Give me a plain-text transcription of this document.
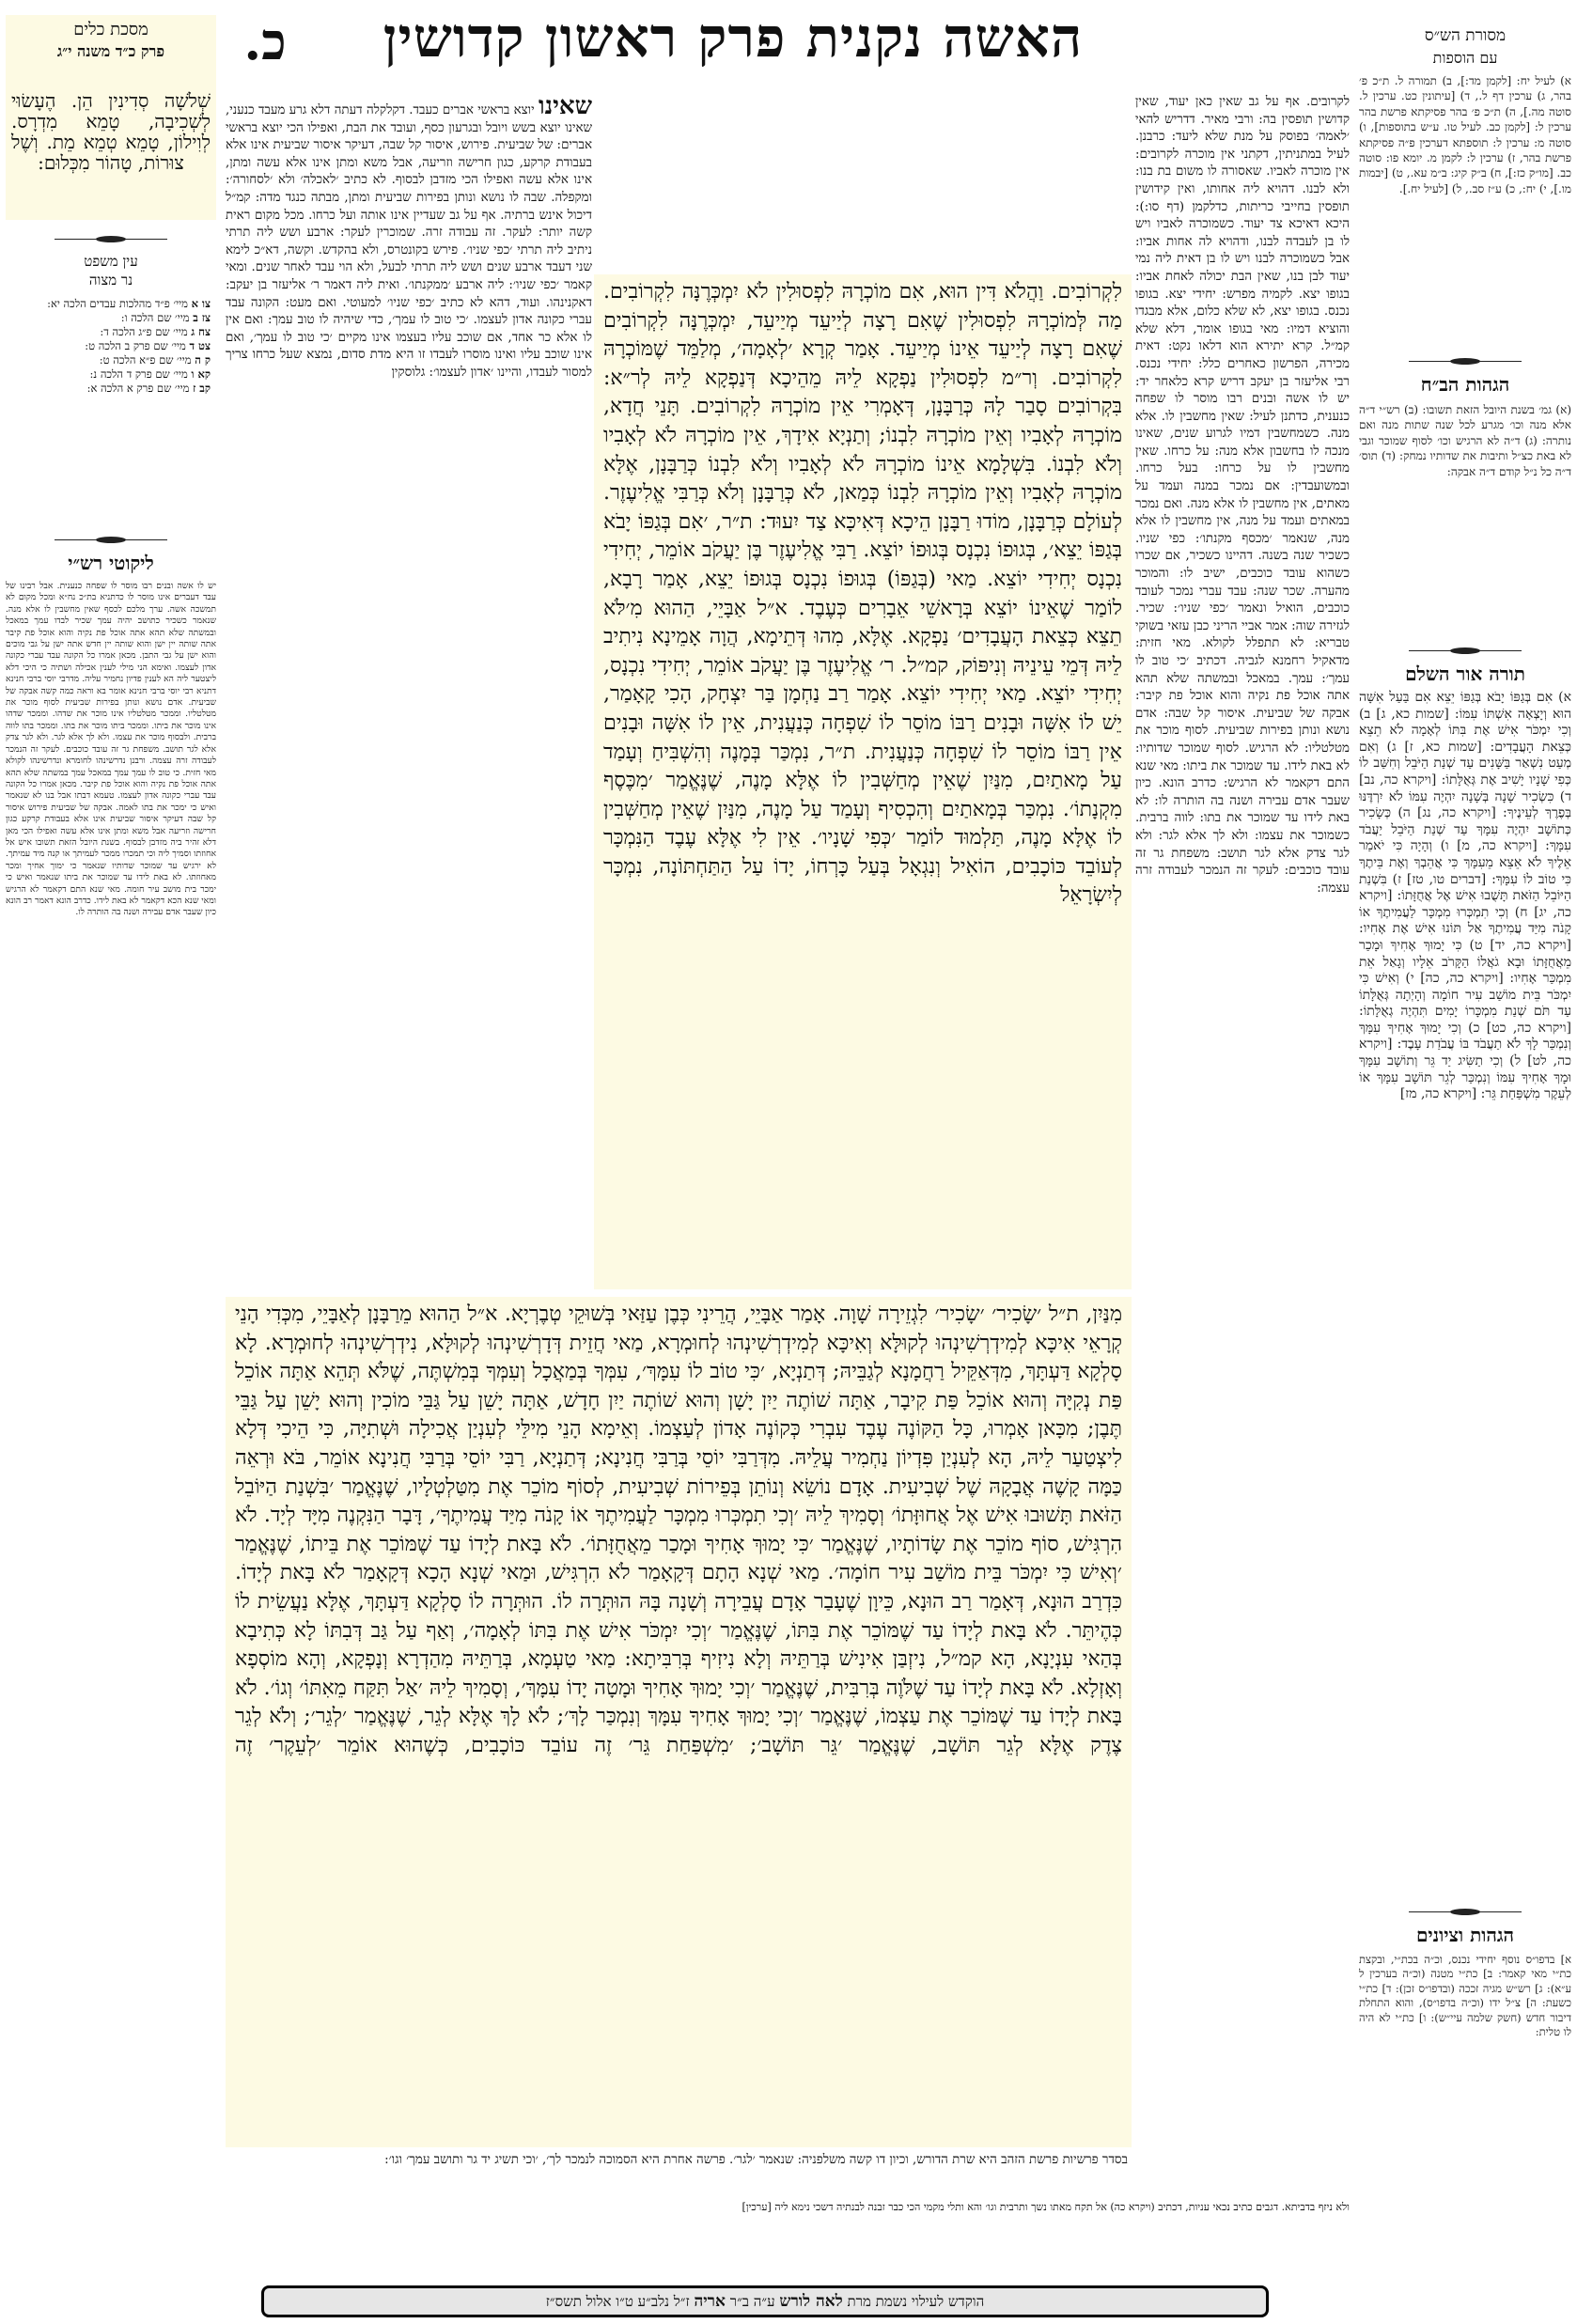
כ.	האשה נקנית פרק ראשון קדושין
מסכת כלים
פרק כ״ד משנה י״ג
שְׁלֹשָׁה סְדִינִין הֵן. הֶעָשׂוּי לְשְׁכִיבָה, טָמֵא מִדְרָס. לְוִילוֹן, טָמֵא טְמֵא מֵת. וְשֶׁל צוּרוֹת, טָהוֹר מִכְּלוּם:
עין משפט
נר מצוה
צו א מיי׳ פ״ד מהלכות עבדים הלכה יא:
צז ב מיי׳ שם הלכה ו:
צח ג מיי׳ שם פ״ג הלכה ד:
צט ד מיי׳ שם פרק ב הלכה ט:
ק ה מיי׳ שם פ״א הלכה ט:
קא ו מיי׳ שם פרק ד הלכה נ:
קב ז מיי׳ שם פרק א הלכה א:
ליקוטי רש״י
יש לו אשה ובנים רבו מוסר לו שפחה כנענית. אבל רבינו של עבד דעברים אינו מוסר לו כדתניא בת״כ נח״א ומכל מקום לא תמשכה אשה. ערך מלכם לכסף שאין מחשבין לו אלא מנה. שנאמר כשכיר כתושב יהיה עמך שכיר לבדו עמך במאכל ובמשתה שלא תהא אתה אוכל פת נקיה והוא אוכל פת קיבר אתה שותה יין ישן והוא שותה יין חדש אתה ישן על גבי מוכים והוא ישן על גבי התבן. מכאן אמרו כל הקונה עבד עברי כקונה אדון לעצמו. ואימא הני מילי לענין אכילה ושתיה כי היכי דלא ליצטער ליה הא לענין פדיון נחמיר עליה. מדרבי יוסי ברבי חנינא דתניא רבי יוסי ברבי חנינא אומר בא וראה כמה קשה אבקה של שביעית. אדם נושא ונותן בפירות שביעית לסוף מוכר את מטלטליו. וממכר מטלטליו אינו מוכר את שדהו. וממכר שדהו אינו מוכר את ביתו. וממכר ביתו מוכר את בתו. וממכר בתו לווה ברבית. ולבסוף מוכר את עצמו. ולא לך אלא לגר. ולא לגר צדק אלא לגר תושב. משפחת גר זה עובד כוכבים. לעקר זה הנמכר לעבודה זרה עצמה. ורבנן נדרשינהו לחומרא ונדרשינהו לקולא מאי חזית. כי טוב לו עמך עמך במאכל עמך במשתה שלא תהא אתה אוכל פת נקיה והוא אוכל פת קיבר. מכאן אמרו כל הקונה עבד עברי כקונה אדון לעצמו. טעמא דבתו אבל בנו לא שנאמר ואיש כי ימכר את בתו לאמה. אבקה של שביעית פירוש איסור קל שבה דעיקר איסור שביעית אינו אלא בעבודת קרקע כגון חרישה וזריעה אבל משא ומתן אינו אלא עשה ואפילו הכי מאן דלא זהיר ביה מזדבן לבסוף. בשנת היובל הזאת תשובו איש אל אחוזתו וסמיך ליה וכי תמכרו ממכר לעמיתך או קנה מיד עמיתך. לא ירגיש עד שמוכר שדותיו שנאמר כי ימוך אחיך ומכר מאחוזתו. לא באת לידו עד שמוכר את ביתו שנאמר ואיש כי ימכר בית מושב עיר חומה. מאי שנא התם דקאמר לא הרגיש ומאי שנא הכא דקאמר לא באת לידו. כדרב הונא דאמר רב הונא כיון שעבר אדם עבירה ושנה בה הותרה לו.
מסורת הש״ס
עם הוספות
א) לעיל יח: [לקמן מד:], ב) תמורה ל. ת״כ פ׳ בהר, ג) ערכין דף ל., ד) [עיתונין כט. ערכין ל. סוטה מה.], ה) ת״כ פ׳ בהר פסיקתא פרשת בהר ערכין ל: [לקמן כב. לעיל טו. ע״ש בתוספות], ו) סוטה מ: ערכין ל: תוספתא דערכין פ״ה פסיקתא פרשת בהר, ז) ערכין ל: לקמן מ. יומא פו: סוטה כב. [מו״ק כז:], ח) ב״ק קיג: ב״מ עא., ט) [יבמות מו.], י) יח:, כ) ע״ז סב., ל) [לעיל יח.].
הגהות הב״ח
(א) גמ׳ בשנת היובל הזאת תשובו: (ב) רש״י ד״ה אלא מנה וכו׳ מגרע לכל שנה שתות מנה ואם נותרה: (ג) ד״ה לא הרגיש וכו׳ לסוף שמוכר וגבי לא באת כצ״ל ותיבות את שדותיו נמחק: (ד) תוס׳ ד״ה כל נ״ל קודם ד״ה אבקה:
תורה אור השלם
א) אִם בְּגַפּוֹ יָבֹא בְּגַפּוֹ יֵצֵא אִם בַּעַל אִשָּׁה הוּא וְיָצְאָה אִשְׁתּוֹ עִמּוֹ: [שמות כא, ג] ב) וְכִי יִמְכֹּר אִישׁ אֶת בִּתּוֹ לְאָמָה לֹא תֵצֵא כְּצֵאת הָעֲבָדִים: [שמות כא, ז] ג) וְאִם מְעַט נִשְׁאַר בַּשָּׁנִים עַד שְׁנַת הַיֹּבֵל וְחִשַּׁב לוֹ כְּפִי שָׁנָיו יָשִׁיב אֶת גְּאֻלָּתוֹ: [ויקרא כה, נב] ד) כִּשְׂכִיר שָׁנָה בְּשָׁנָה יִהְיֶה עִמּוֹ לֹא יִרְדֶּנּוּ בְּפֶרֶךְ לְעֵינֶיךָ: [ויקרא כה, נג] ה) כְּשָׂכִיר כְּתוֹשָׁב יִהְיֶה עִמָּךְ עַד שְׁנַת הַיֹּבֵל יַעֲבֹד עִמָּךְ: [ויקרא כה, מ] ו) וְהָיָה כִּי יֹאמַר אֵלֶיךָ לֹא אֵצֵא מֵעִמָּךְ כִּי אֲהֵבְךָ וְאֶת בֵּיתֶךָ כִּי טוֹב לוֹ עִמָּךְ: [דברים טו, טז] ז) בִּשְׁנַת הַיּוֹבֵל הַזֹּאת תָּשֻׁבוּ אִישׁ אֶל אֲחֻזָּתוֹ: [ויקרא כה, יג] ח) וְכִי תִמְכְּרוּ מִמְכָּר לַעֲמִיתֶךָ אוֹ קָנֹה מִיַּד עֲמִיתֶךָ אַל תּוֹנוּ אִישׁ אֶת אָחִיו: [ויקרא כה, יד] ט) כִּי יָמוּךְ אָחִיךָ וּמָכַר מֵאֲחֻזָּתוֹ וּבָא גֹאֲלוֹ הַקָּרֹב אֵלָיו וְגָאַל אֵת מִמְכַּר אָחִיו: [ויקרא כה, כה] י) וְאִישׁ כִּי יִמְכֹּר בֵּית מוֹשַׁב עִיר חוֹמָה וְהָיְתָה גְּאֻלָּתוֹ עַד תֹּם שְׁנַת מִמְכָּרוֹ יָמִים תִּהְיֶה גְאֻלָּתוֹ: [ויקרא כה, כט] כ) וְכִי יָמוּךְ אָחִיךָ עִמָּךְ וְנִמְכַּר לָךְ לֹא תַעֲבֹד בּוֹ עֲבֹדַת עָבֶד: [ויקרא כה, לט] ל) וְכִי תַשִּׂיג יַד גֵּר וְתוֹשָׁב עִמָּךְ וּמָךְ אָחִיךָ עִמּוֹ וְנִמְכַּר לְגֵר תּוֹשָׁב עִמָּךְ אוֹ לְעֵקֶר מִשְׁפַּחַת גֵּר: [ויקרא כה, מז]
הגהות וציונים
א] בדפו״ס נוסף יחידי נכנס, וכ״ה בכת״י, ובקצת כת״י מאי קאמר: ב] כת״י מטנה (וכ״ה בערכין ל ע״א): ג] רש״ש מגיה זככה (ובדפו״ס זכן): ד] כת״י כשעת: ה] צ״ל ידו (וכ״ה בדפו״ס), והוא התחלת דיבור חדש (חשק שלמה עיי״ש): ו] כת״י לא היה לו טלית:
לקרובים. אף על גב שאין כאן יעוד, שאין קדושין תופסין בה: ורבי מאיר. דדריש להאי ׳לאמה׳ בפוסק על מנת שלא ליעד: כרבנן. לעיל במתניתין, דקתני אין מוכרה לקרובים: אין מוכרה לאביו. שאסורה לו משום בת בנו: ולא לבנו. דהויא ליה אחותו, ואין קידושין תופסין בחייבי כריתות, כדלקמן (דף סו:): היכא דאיכא צד יעוד. כשמוכרה לאביו ויש לו בן לעבדה לבנו, ודהויא לה אחות אביו: אבל כשמוכרה לבנו ויש לו בן דאית ליה נמי יעוד לבן בנו, שאין הבת יכולה לאחת אביו: בגופו יצא. לקמיה מפרש: יחידי יצא. בגופו נכנס. בגופו יצא, לא שלא כלום, אלא מבגדו והוציא דמיו: מאי בגופו אומר, דלא שלא קמ״ל. קרא יתירא הוא דלאו נקט: דאית מכירה, הפרשון כאחרים כלל: יחידי נכנס. רבי אליעזר בן יעקב דריש קרא כלאחר יד: יש לו אשה ובנים רבו מוסר לו שפחה כנענית, כדתנן לעיל: שאין מחשבין לו. אלא מנה. כשמחשבין דמיו לגרוע שנים, שאינו מנכה לו בחשבון אלא מנה: על כרחו. שאין מחשבין לו על כרחו: בעל כרחו. ובמשועבדין: אם נמכר במנה ועמד על מאתים, אין מחשבין לו אלא מנה. ואם נמכר במאתים ועמד על מנה, אין מחשבין לו אלא מנה, שנאמר ׳מכסף מקנתו׳: כפי שניו. כשכיר שנה בשנה. דהיינו כשכיר, אם שכרו כשהוא עובד כוכבים, ישיב לו: והמוכר מהערה. שכר שנה: עבד עברי נמכר לעובד כוכבים, הואיל ונאמר ׳כפי שניו׳: שכיר. לגזירה שוה: אמר אביי הריני כבן עזאי בשוקי טבריא: לא תתפלל לקולא. מאי חזית: מדאקיל רחמנא לגביה. דכתיב ׳כי טוב לו עמך׳: עמך. במאכל ובמשתה שלא תהא אתה אוכל פת נקיה והוא אוכל פת קיבר: אבקה של שביעית. איסור קל שבה: אדם נושא ונותן בפירות שביעית. לסוף מוכר את מטלטליו: לא הרגיש. לסוף שמוכר שדותיו: לא באת לידו. עד שמוכר את ביתו: מאי שנא התם דקאמר לא הרגיש: כדרב הונא. כיון שעבר אדם עבירה ושנה בה הותרה לו: לא באת לידו עד שמוכר את בתו: לווה ברבית. כשמוכר את עצמו: ולא לך אלא לגר: ולא לגר צדק אלא לגר תושב: משפחת גר זה עובד כוכבים: לעקר זה הנמכר לעבודה זרה עצמה:
שאינו יוצא בראשי אברים כעבד. דקלקלה דעתה דלא גרע מעבד כנעני, שאינו יוצא בשש ויובל ובגרעון כסף, ועובד את הבת, ואפילו הכי יוצא בראשי אברים: של שביעית. פירוש, איסור קל שבה, דעיקר איסור שביעית אינו אלא בעבודת קרקע, כגון חרישה וזריעה, אבל משא ומתן אינו אלא עשה ומתן, אינו אלא עשה ואפילו הכי מזדבן לבסוף. לא כתיב ׳לאכלה׳ ולא ׳לסחורה׳: ומקפלה. שבה לו נושא ונותן בפירות שביעית ומתן, מבתה כנגד מדה: קמ״ל דיכול אינש ברתיה. אף על גב שעדיין אינו אותה ועל כרחו. מכל מקום ראית קשה יותר: לעקר. זה עבודה זרה. שמוכרין לעקר: ארבע ושש ליה תרתי ניתיב ליה תרתי ׳כפי שניו׳. פירש בקונטרס, ולא בהקדש. וקשה, דא״כ לימא שני דעבד ארבע שנים ושש ליה תרתי לבעל, ולא הוי עבד לאחר שנים. ומאי קאמר ׳כפי שניו׳: ליה ארבע ׳ממקנתו׳. ואית ליה דאמר ר׳ אליעזר בן יעקב: דאקנינהו. ועוד, דהא לא כתיב ׳כפי שניו׳ למעוטי. ואם מעט: הקונה עבד עברי כקונה אדון לעצמו. ׳כי טוב לו עמך׳, כדי שיהיה לו טוב עמך: ואם אין לו אלא כר אחד, אם שוכב עליו בעצמו אינו מקיים ׳כי טוב לו עמך׳, ואם אינו שוכב עליו ואינו מוסרו לעבדו זו היא מדת סדום, נמצא שעל כרחו צריך למסור לעבדו, והיינו ׳אדון לעצמו׳: גלוסקין
לִקְרוֹבִים. וַהֲלֹא דִּין הוּא, אִם מוֹכְרָהּ לִפְסוּלִין לֹא יִמְכְּרֶנָּה לִקְרוֹבִים. מַה לְּמוֹכְרָהּ לִפְסוּלִין שֶׁאִם רָצָה לְיַיעֵד מְיַיעֵד, יִמְכְּרֶנָּה לִקְרוֹבִים שֶׁאִם רָצָה לְיַיעֵד אֵינוֹ מְיַיעֵד. אָמַר קְרָא ׳לְאָמָה׳, מְלַמֵּד שֶׁמּוֹכְרָהּ לִקְרוֹבִים. וְר״מ לִפְסוּלִין נַפְקָא לֵיהּ מֵהֵיכָא דְּנַפְקָא לֵיהּ לְר״א: בִּקְרוֹבִים סָבַר לָהּ כְּרַבָּנָן, דְּאָמְרִי אֵין מוֹכְרָהּ לִקְרוֹבִים. תָּנֵי חֲדָא, מוֹכְרָהּ לְאָבִיו וְאֵין מוֹכְרָהּ לִבְנוֹ; וְתַנְיָא אִידָךְ, אֵין מוֹכְרָהּ לֹא לְאָבִיו וְלֹא לִבְנוֹ. בִּשְׁלָמָא אֵינוֹ מוֹכְרָהּ לֹא לְאָבִיו וְלֹא לִבְנוֹ כְּרַבָּנָן, אֶלָּא מוֹכְרָהּ לְאָבִיו וְאֵין מוֹכְרָהּ לִבְנוֹ כְּמַאן, לֹא כְּרַבָּנָן וְלֹא כְּרַבִּי אֱלִיעֶזֶר. לְעוֹלָם כְּרַבָּנָן, מוֹדוּ רַבָּנָן הֵיכָא דְּאִיכָּא צַד יִעוּד: ת״ר, ׳אִם בְּגַפּוֹ יָבֹא בְּגַפּוֹ יֵצֵא׳, בְּגוּפוֹ נִכְנָס בְּגוּפוֹ יוֹצֵא. רַבִּי אֱלִיעֶזֶר בֶּן יַעֲקֹב אוֹמֵר, יְחִידִי נִכְנָס יְחִידִי יוֹצֵא. מַאי (בְּגַפּוֹ) בְּגוּפוֹ נִכְנָס בְּגוּפוֹ יֵצֵא, אָמַר רָבָא, לוֹמַר שֶׁאֵינוֹ יוֹצֵא בְּרָאשֵׁי אֵבָרִים כְּעֶבֶד. א״ל אַבָּיֵי, הַהוּא מִ׳לֹּא תֵצֵא כְּצֵאת הָעֲבָדִים׳ נַפְקָא. אֶלָּא, מִהוּ דְּתֵימָא, הֲוָה אָמֵינָא נִיתִיב לֵיהּ דְּמֵי עֵינֵיהּ וְנִיפּוֹק, קמ״ל. ר׳ אֱלִיעֶזֶר בֶּן יַעֲקֹב אוֹמֵר, יְחִידִי נִכְנָס, יְחִידִי יוֹצֵא. מַאי יְחִידִי יוֹצֵא. אָמַר רַב נַחְמָן בַּר יִצְחָק, הָכִי קָאָמַר, יֵשׁ לוֹ אִשָּׁה וּבָנִים רַבּוֹ מוֹסֵר לוֹ שִׁפְחָה כְּנַעֲנִית, אֵין לוֹ אִשָּׁה וּבָנִים אֵין רַבּוֹ מוֹסֵר לוֹ שִׁפְחָה כְּנַעֲנִית. ת״ר, נִמְכַּר בְּמָנֶה וְהִשְׁבִּיחַ וְעָמַד עַל מָאתַיִם, מִנַּיִן שֶׁאֵין מְחַשְּׁבִין לוֹ אֶלָּא מָנֶה, שֶׁנֶּאֱמַר ׳מִכֶּסֶף מִקְנָתוֹ׳. נִמְכַּר בְּמָאתַיִם וְהִכְסִיף וְעָמַד עַל מָנֶה, מִנַּיִן שֶׁאֵין מְחַשְּׁבִין לוֹ אֶלָּא מָנֶה, תַּלְמוּד לוֹמַר ׳כְּפִי שָׁנָיו׳. אֵין לִי אֶלָּא עֶבֶד הַנִּמְכָּר לְעוֹבֵד כּוֹכָבִים, הוֹאִיל וְנִגְאָל בְּעַל כָּרְחוֹ, יָדוֹ עַל הַתַּחְתּוֹנָה, נִמְכָּר לְיִשְׂרָאֵל
מִנַּיִן, ת״ל ׳שָׂכִיר׳ ׳שָׂכִיר׳ לִגְזֵירָה שָׁוָה. אָמַר אַבָּיֵי, הֲרֵינִי כְּבֶן עַזַּאי בְּשׁוּקֵי טְבֶרְיָא. א״ל הַהוּא מֵרַבָּנָן לְאַבָּיֵי, מִכְּדִי הָנֵי קְרָאֵי אִיכָּא לְמִידְרְשִׁינְהוּ לְקוּלָּא וְאִיכָּא לְמִידְרְשִׁינְהוּ לְחוּמְרָא, מַאי חֲזֵית דְּדָרְשִׁינְהוּ לְקוּלָּא, נִידְרְשִׁינְהוּ לְחוּמְרָא. לָא סָלְקָא דַּעְתָּךְ, מִדְּאַקֵּיל רַחֲמָנָא לְגַבֵּיהּ; דְּתַנְיָא, ׳כִּי טוֹב לוֹ עִמָּךְ׳, עִמְּךָ בְּמַאֲכָל וְעִמְּךָ בְּמִשְׁתֶּה, שֶׁלֹּא תְּהֵא אַתָּה אוֹכֵל פַּת נְקִיָּה וְהוּא אוֹכֵל פַּת קִיבָר, אַתָּה שׁוֹתֶה יַיִן יָשָׁן וְהוּא שׁוֹתֶה יַיִן חָדָשׁ, אַתָּה יָשֵׁן עַל גַּבֵּי מוֹכִין וְהוּא יָשֵׁן עַל גַּבֵּי תֶּבֶן; מִכָּאן אָמְרוּ, כָּל הַקּוֹנֶה עֶבֶד עִבְרִי כְּקוֹנֶה אָדוֹן לְעַצְמוֹ. וְאֵימָא הָנֵי מִילֵּי לְעִנְיַן אֲכִילָה וּשְׁתִיָּה, כִּי הֵיכִי דְּלָא לִיצְטַעַר לֵיהּ, הָא לְעִנְיַן פִּדְיוֹן נַחְמִיר עֲלֵיהּ. מִדְּרַבִּי יוֹסֵי בְּרַבִּי חֲנִינָא; דְּתַנְיָא, רַבִּי יוֹסֵי בְּרַבִּי חֲנִינָא אוֹמֵר, בֹּא וּרְאֵה כַּמָּה קָשֶׁה אֲבָקָהּ שֶׁל שְׁבִיעִית. אָדָם נוֹשֵׂא וְנוֹתֵן בְּפֵירוֹת שְׁבִיעִית, לְסוֹף מוֹכֵר אֶת מִטַּלְטְלָיו, שֶׁנֶּאֱמַר ׳בִּשְׁנַת הַיּוֹבֵל הַזֹּאת תָּשׁוּבוּ אִישׁ אֶל אֲחוּזָּתוֹ׳ וְסָמִיךְ לֵיהּ ׳וְכִי תִמְכְּרוּ מִמְכָּר לַעֲמִיתֶךָ אוֹ קָנֹה מִיַּד עֲמִיתֶךָ׳, דָּבָר הַנִּקְנֶה מִיָּד לְיָד. לֹא הִרְגִּישׁ, סוֹף מוֹכֵר אֶת שָׂדוֹתָיו, שֶׁנֶּאֱמַר ׳כִּי יָמוּךְ אָחִיךָ וּמָכַר מֵאֲחֻזָּתוֹ׳. לֹא בָּאת לְיָדוֹ עַד שֶׁמּוֹכֵר אֶת בֵּיתוֹ, שֶׁנֶּאֱמַר ׳וְאִישׁ כִּי יִמְכֹּר בֵּית מוֹשַׁב עִיר חוֹמָה׳. מַאי שְׁנָא הָתָם דְּקָאָמַר לֹא הִרְגִּישׁ, וּמַאי שְׁנָא הָכָא דְּקָאָמַר לֹא בָּאת לְיָדוֹ. כִּדְרַב הוּנָא, דְּאָמַר רַב הוּנָא, כֵּיוָן שֶׁעָבַר אָדָם עֲבֵירָה וְשָׁנָה בָּהּ הוּתְּרָה לוֹ. הוּתְּרָה לוֹ סָלְקָא דַּעְתָּךְ, אֶלָּא נַעֲשֵׂית לוֹ כְּהֶיתֵּר. לֹא בָּאת לְיָדוֹ עַד שֶׁמּוֹכֵר אֶת בִּתּוֹ, שֶׁנֶּאֱמַר ׳וְכִי יִמְכֹּר אִישׁ אֶת בִּתּוֹ לְאָמָה׳, וְאַף עַל גַּב דְּבִתּוֹ לָא כְּתִיבָא בְּהַאי עִנְיָנָא, הָא קמ״ל, נִיזְבַּן אִינִישׁ בְּרַתֵּיהּ וְלָא נִיזִיף בְּרִבִּיתָא: מַאי טַעְמָא, בְּרַתֵּיהּ מִהַדְרָא וְנָפְקָא, וְהָא מוֹסְפָא וְאָזְלָא. לֹא בָּאת לְיָדוֹ עַד שֶׁלֹּוֶה בְּרִבִּית, שֶׁנֶּאֱמַר ׳וְכִי יָמוּךְ אָחִיךָ וּמָטָה יָדוֹ עִמָּךְ׳, וְסָמִיךְ לֵיהּ ׳אַל תִּקַּח מֵאִתּוֹ׳ וְגוֹ׳. לֹא בָּאת לְיָדוֹ עַד שֶׁמּוֹכֵר אֶת עַצְמוֹ, שֶׁנֶּאֱמַר ׳וְכִי יָמוּךְ אָחִיךָ עִמָּךְ וְנִמְכַּר לָךְ׳; לֹא לָךְ אֶלָּא לְגֵר, שֶׁנֶּאֱמַר ׳לְגֵר׳; וְלֹא לְגֵר צֶדֶק אֶלָּא לְגֵר תּוֹשָׁב, שֶׁנֶּאֱמַר ׳גֵּר תּוֹשָׁב׳; ׳מִשְׁפַּחַת גֵּר׳ זֶה עוֹבֵד כּוֹכָבִים, כְּשֶׁהוּא אוֹמֵר ׳לְעֵקֶר׳ זֶה
בסדר פרשיות פרשת הזהב היא שרת הדורש, וכיון דו קשה משלפניה: שנאמר ׳לגר׳. פרשה אחרת היא הסמוכה לנמכר לך׳, ׳וכי תשיג יד גר ותושב עמך׳ וגו׳:
ולא ניזף בדביתא. דגבים כתיב נכאי עניות, דכתיב (ויקרא כה) אל תקח מאתו נשך ותרבית וגו׳ והא ותלי מקמי הכי כבר זבנה לבנתיה דשכי נימא ליה [ערכין]
הוקדש לעילוי נשמת מרת לאה לורש ע״ה ב״ר אריה ז״ל נלב״ע ט״ו אלול תשס״ז
